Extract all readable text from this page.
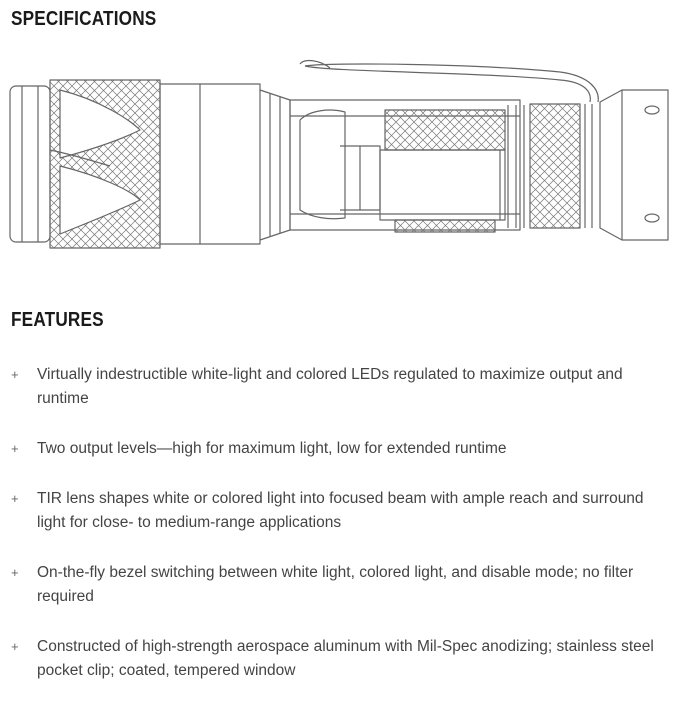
SPECIFICATIONS
FEATURES
+ Virtually indestructible white-light and colored LEDs regulated to maximize output and runtime
+ Two output levels—high for maximum light, low for extended runtime
+ TIR lens shapes white or colored light into focused beam with ample reach and surround light for close- to medium-range applications
+ On-the-fly bezel switching between white light, colored light, and disable mode; no filter required
+ Constructed of high-strength aerospace aluminum with Mil-Spec anodizing; stainless steel pocket clip; coated, tempered window
